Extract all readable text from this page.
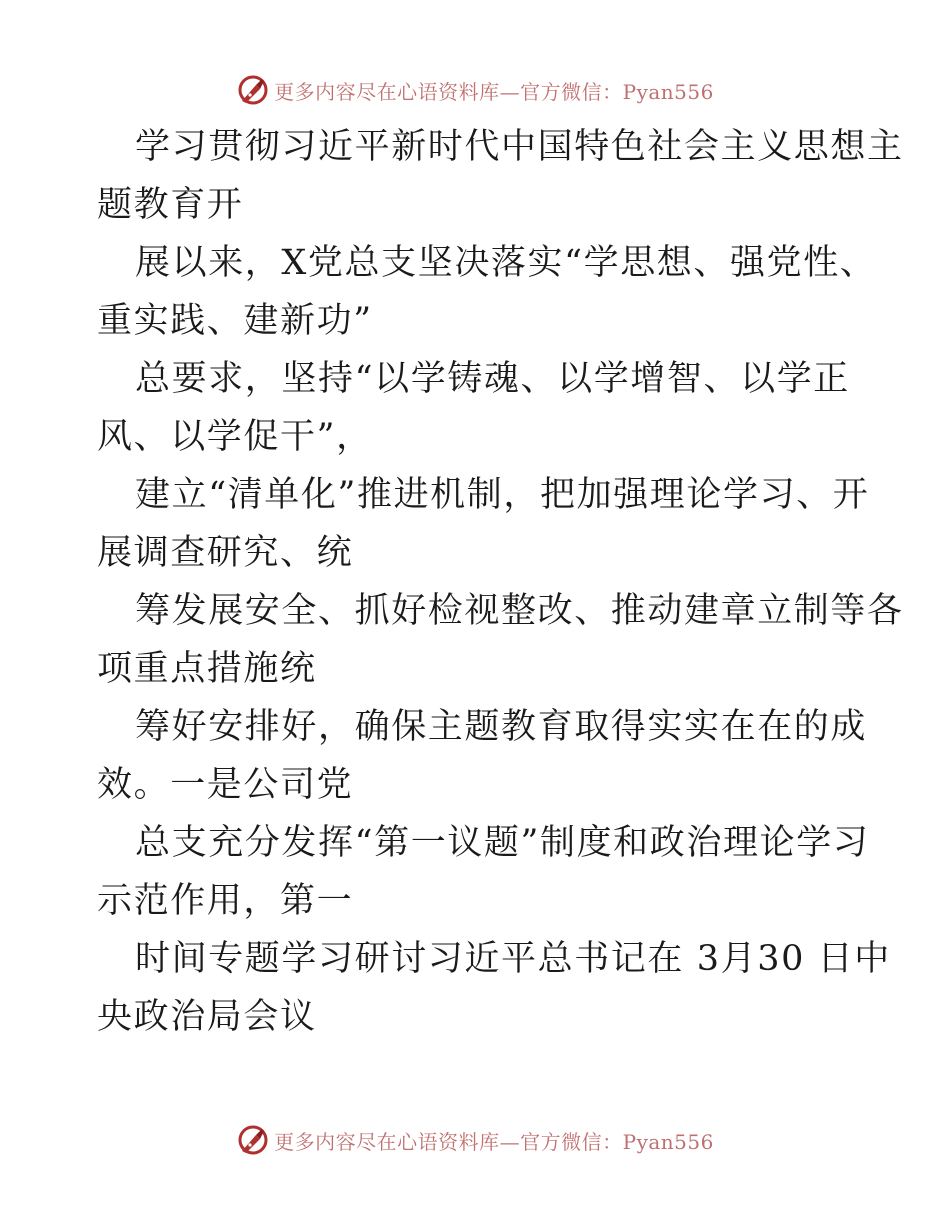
更多内容尽在心语资料库—官方微信：Pyan556
学习贯彻习近平新时代中国特色社会主义思想主
题教育开
展以来，X党总支坚决落实“学思想、强党性、
重实践、建新功”
总要求，坚持“以学铸魂、以学增智、以学正
风、以学促干”，
建立“清单化”推进机制，把加强理论学习、开
展调查研究、统
筹发展安全、抓好检视整改、推动建章立制等各
项重点措施统
筹好安排好，确保主题教育取得实实在在的成
效。一是公司党
总支充分发挥“第一议题”制度和政治理论学习
示范作用，第一
时间专题学习研讨习近平总书记在 3月30 日中
央政治局会议
更多内容尽在心语资料库—官方微信：Pyan556
